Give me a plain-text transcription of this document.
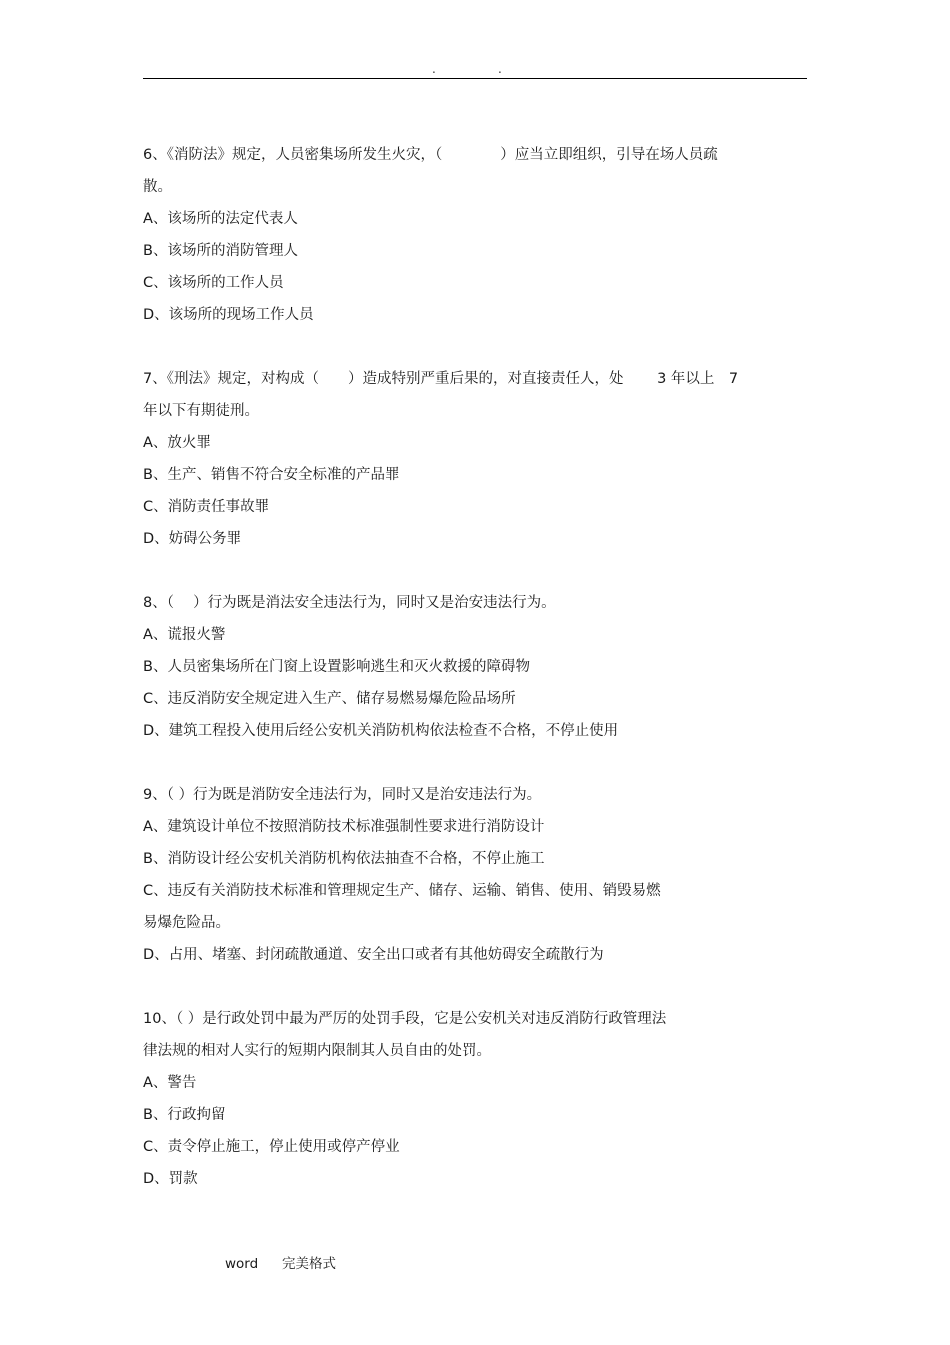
.	.
6、《消防法》规定，人员密集场所发生火灾，（　　　　）应当立即组织，引导在场人员疏
散。
A、该场所的法定代表人
B、该场所的消防管理人
C、该场所的工作人员
D、该场所的现场工作人员
7、《刑法》规定，对构成（　　）造成特别严重后果的，对直接责任人，处　　 3 年以上　7
年以下有期徒刑。
A、放火罪
B、生产、销售不符合安全标准的产品罪
C、消防责任事故罪
D、妨碍公务罪
8、（　 ）行为既是消法安全违法行为，同时又是治安违法行为。
A、谎报火警
B、人员密集场所在门窗上设置影响逃生和灭火救援的障碍物
C、违反消防安全规定进入生产、储存易燃易爆危险品场所
D、建筑工程投入使用后经公安机关消防机构依法检查不合格，不停止使用
9、（ ）行为既是消防安全违法行为，同时又是治安违法行为。
A、建筑设计单位不按照消防技术标准强制性要求进行消防设计
B、消防设计经公安机关消防机构依法抽查不合格，不停止施工
C、违反有关消防技术标准和管理规定生产、储存、运输、销售、使用、销毁易燃
易爆危险品。
D、占用、堵塞、封闭疏散通道、安全出口或者有其他妨碍安全疏散行为
10、（ ）是行政处罚中最为严厉的处罚手段，它是公安机关对违反消防行政管理法
律法规的相对人实行的短期内限制其人员自由的处罚。
A、警告
B、行政拘留
C、责令停止施工，停止使用或停产停业
D、罚款
word 完美格式
